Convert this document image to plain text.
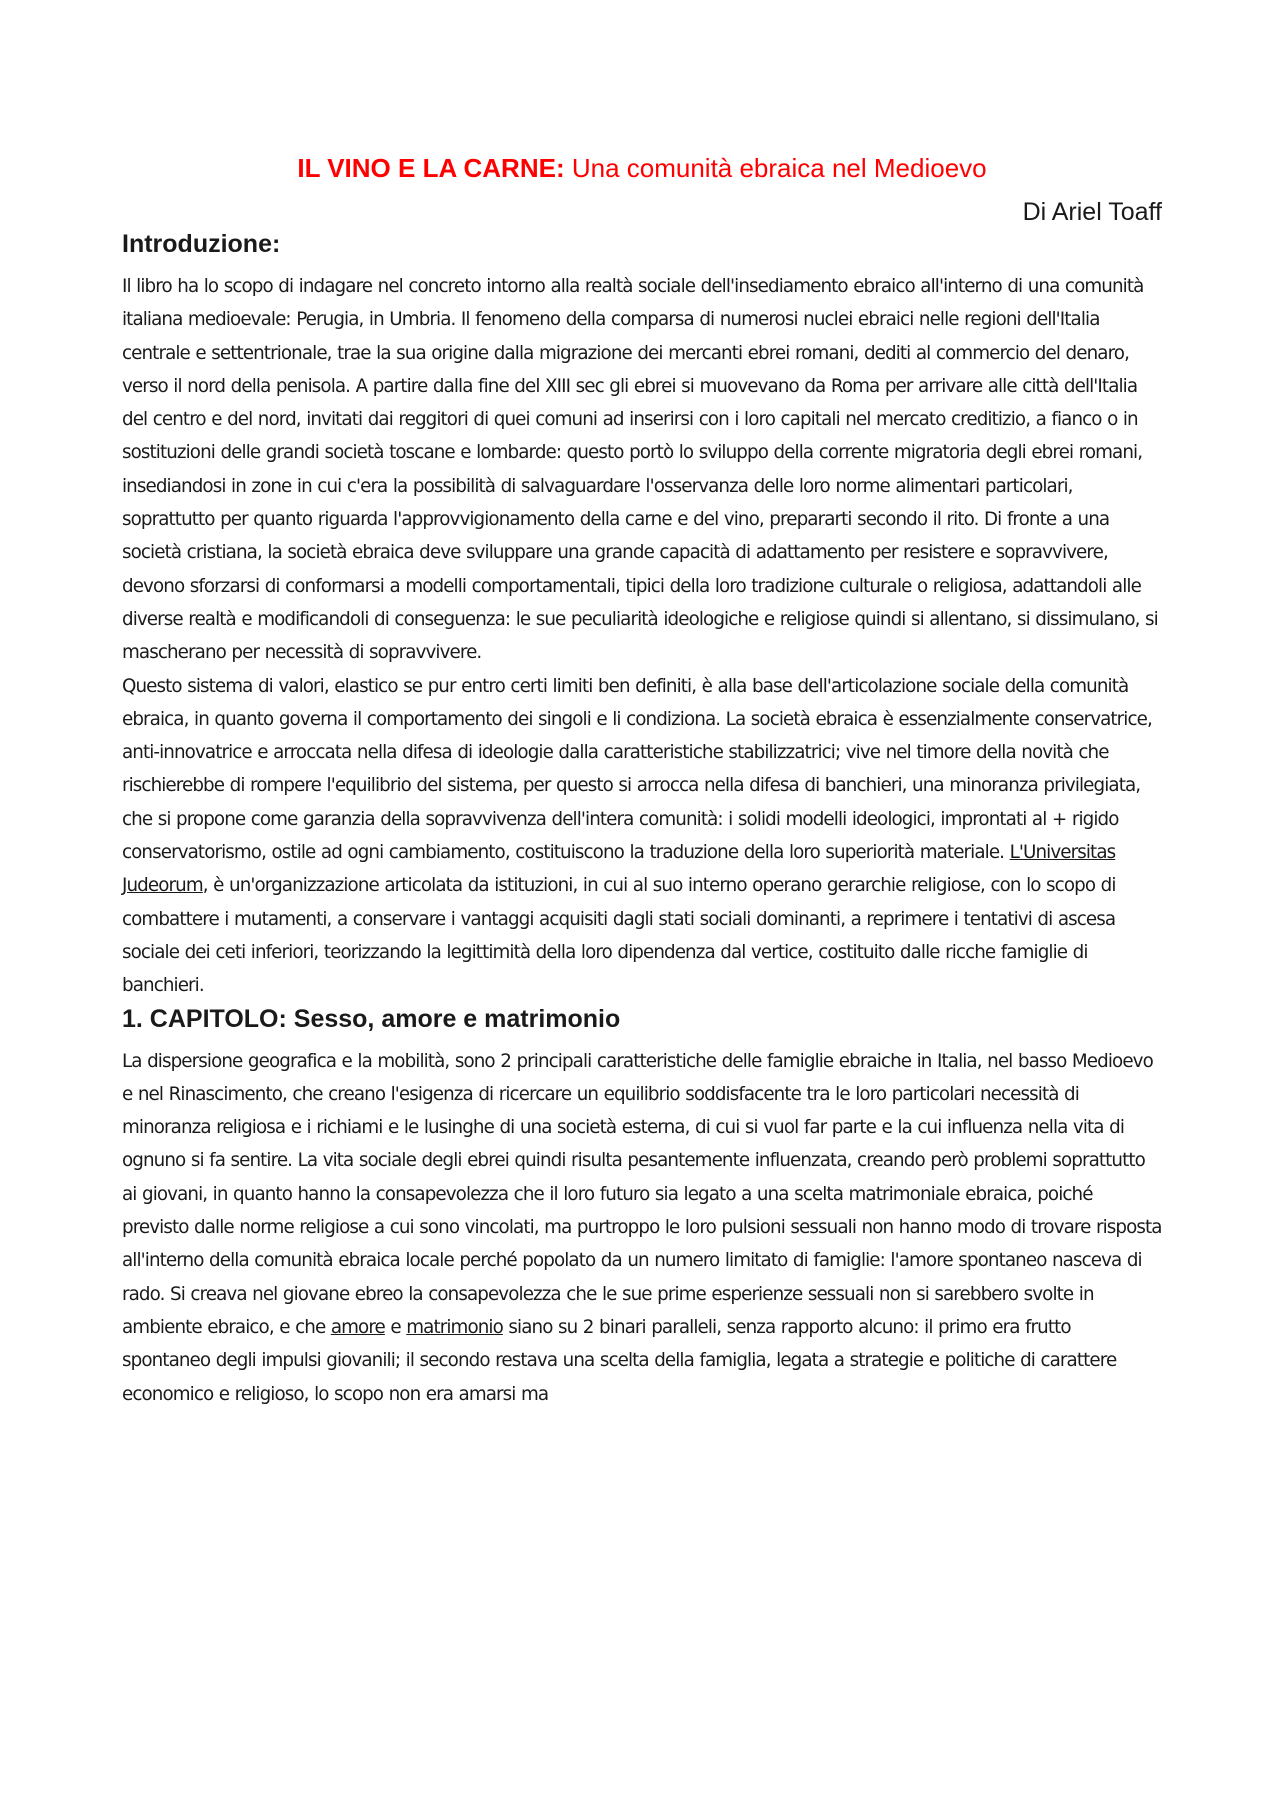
IL VINO E LA CARNE: Una comunità ebraica nel Medioevo

Di Ariel Toaff

Introduzione:

Il libro ha lo scopo di indagare nel concreto intorno alla realtà sociale dell'insediamento ebraico all'interno di una comunità italiana medioevale: Perugia, in Umbria. Il fenomeno della comparsa di numerosi nuclei ebraici nelle regioni dell'Italia centrale e settentrionale, trae la sua origine dalla migrazione dei mercanti ebrei romani, dediti al commercio del denaro, verso il nord della penisola. A partire dalla fine del XIII sec gli ebrei si muovevano da Roma per arrivare alle città dell'Italia del centro e del nord, invitati dai reggitori di quei comuni ad inserirsi con i loro capitali nel mercato creditizio, a fianco o in sostituzioni delle grandi società toscane e lombarde: questo portò lo sviluppo della corrente migratoria degli ebrei romani, insediandosi in zone in cui c'era la possibilità di salvaguardare l'osservanza delle loro norme alimentari particolari, soprattutto per quanto riguarda l'approvvigionamento della carne e del vino, prepararti secondo il rito. Di fronte a una società cristiana, la società ebraica deve sviluppare una grande capacità di adattamento per resistere e sopravvivere, devono sforzarsi di conformarsi a modelli comportamentali, tipici della loro tradizione culturale o religiosa, adattandoli alle diverse realtà e modificandoli di conseguenza: le sue peculiarità ideologiche e religiose quindi si allentano, si dissimulano, si mascherano per necessità di sopravvivere.

Questo sistema di valori, elastico se pur entro certi limiti ben definiti, è alla base dell'articolazione sociale della comunità ebraica, in quanto governa il comportamento dei singoli e li condiziona. La società ebraica è essenzialmente conservatrice, anti-innovatrice e arroccata nella difesa di ideologie dalla caratteristiche stabilizzatrici; vive nel timore della novità che rischierebbe di rompere l'equilibrio del sistema, per questo si arrocca nella difesa di banchieri, una minoranza privilegiata, che si propone come garanzia della sopravvivenza dell'intera comunità: i solidi modelli ideologici, improntati al + rigido conservatorismo, ostile ad ogni cambiamento, costituiscono la traduzione della loro superiorità materiale. L'Universitas Judeorum, è un'organizzazione articolata da istituzioni, in cui al suo interno operano gerarchie religiose, con lo scopo di combattere i mutamenti, a conservare i vantaggi acquisiti dagli stati sociali dominanti, a reprimere i tentativi di ascesa sociale dei ceti inferiori, teorizzando la legittimità della loro dipendenza dal vertice, costituito dalle ricche famiglie di banchieri.

1. CAPITOLO: Sesso, amore e matrimonio

La dispersione geografica e la mobilità, sono 2 principali caratteristiche delle famiglie ebraiche in Italia, nel basso Medioevo e nel Rinascimento, che creano l'esigenza di ricercare un equilibrio soddisfacente tra le loro particolari necessità di minoranza religiosa e i richiami e le lusinghe di una società esterna, di cui si vuol far parte e la cui influenza nella vita di ognuno si fa sentire. La vita sociale degli ebrei quindi risulta pesantemente influenzata, creando però problemi soprattutto ai giovani, in quanto hanno la consapevolezza che il loro futuro sia legato a una scelta matrimoniale ebraica, poiché previsto dalle norme religiose a cui sono vincolati, ma purtroppo le loro pulsioni sessuali non hanno modo di trovare risposta all'interno della comunità ebraica locale perché popolato da un numero limitato di famiglie: l'amore spontaneo nasceva di rado. Si creava nel giovane ebreo la consapevolezza che le sue prime esperienze sessuali non si sarebbero svolte in ambiente ebraico, e che amore e matrimonio siano su 2 binari paralleli, senza rapporto alcuno: il primo era frutto spontaneo degli impulsi giovanili; il secondo restava una scelta della famiglia, legata a strategie e politiche di carattere economico e religioso, lo scopo non era amarsi ma
